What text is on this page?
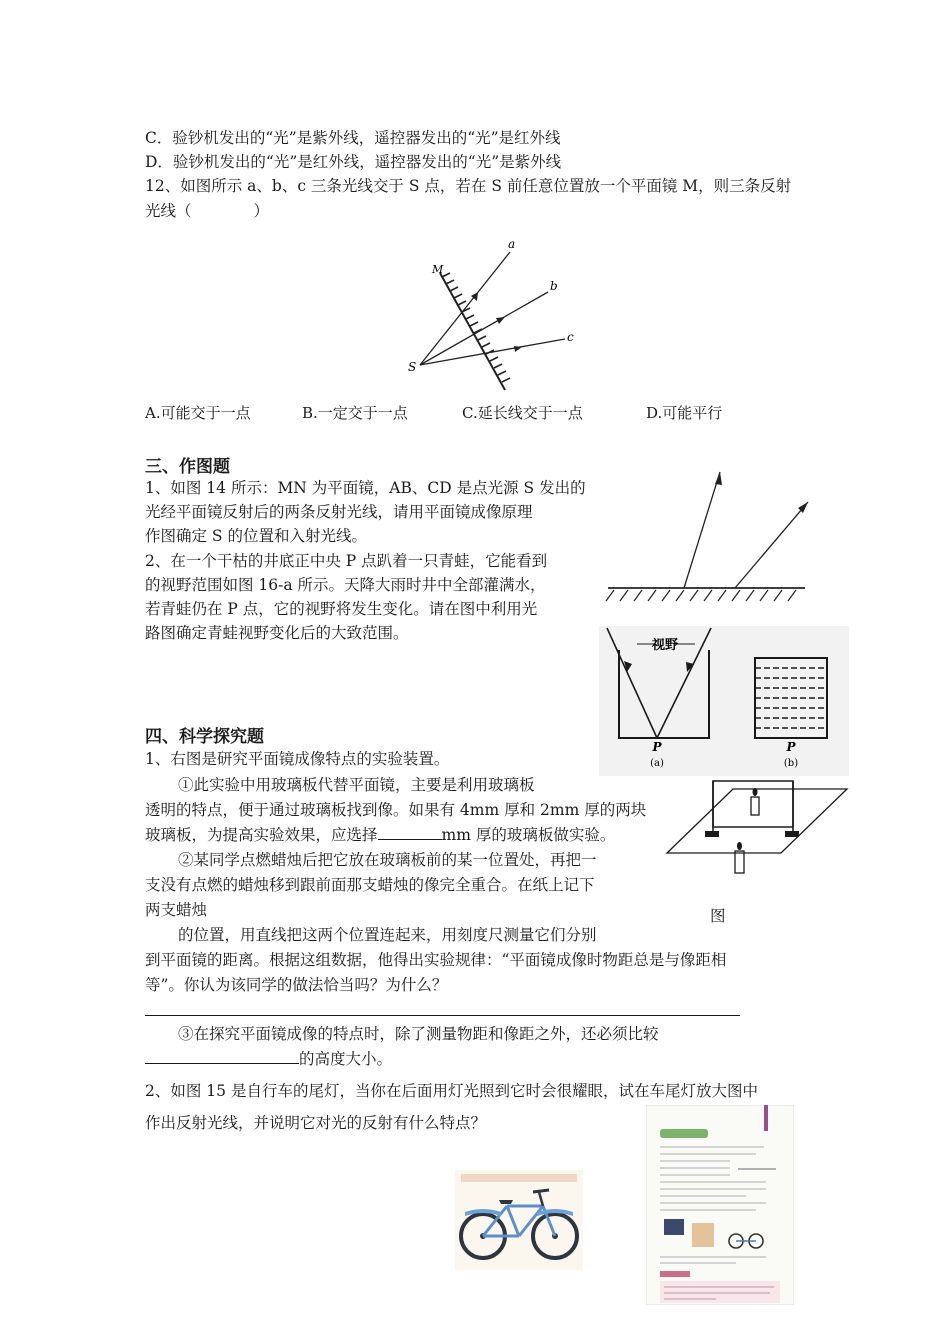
C．验钞机发出的“光”是紫外线，遥控器发出的“光”是红外线
D．验钞机发出的“光”是红外线，遥控器发出的“光”是紫外线
12、如图所示 a、b、c 三条光线交于 S 点，若在 S 前任意位置放一个平面镜 M，则三条反射
光线（　　　　）
a
b
c
S
M
A.可能交于一点	B.一定交于一点	C.延长线交于一点	D.可能平行
三、作图题
1、如图 14 所示：MN 为平面镜，AB、CD 是点光源 S 发出的
光经平面镜反射后的两条反射光线，请用平面镜成像原理
作图确定 S 的位置和入射光线。
2、在一个干枯的井底正中央 P 点趴着一只青蛙，它能看到
的视野范围如图 16-a 所示。天降大雨时井中全部灌满水，
若青蛙仍在 P 点，它的视野将发生变化。请在图中利用光
路图确定青蛙视野变化后的大致范围。
视野
P
(a)
P
(b)
四、科学探究题
1、右图是研究平面镜成像特点的实验装置。
①此实验中用玻璃板代替平面镜，主要是利用玻璃板
透明的特点，便于通过玻璃板找到像。如果有 4mm 厚和 2mm 厚的两块
玻璃板，为提高实验效果，应选择	mm 厚的玻璃板做实验。
②某同学点燃蜡烛后把它放在玻璃板前的某一位置处，再把一
支没有点燃的蜡烛移到跟前面那支蜡烛的像完全重合。在纸上记下
两支蜡烛
的位置，用直线把这两个位置连起来，用刻度尺测量它们分别
到平面镜的距离。根据这组数据，他得出实验规律：“平面镜成像时物距总是与像距相
等”。你认为该同学的做法恰当吗？为什么？
③在探究平面镜成像的特点时，除了测量物距和像距之外，还必须比较
的高度大小。
2、如图 15 是自行车的尾灯，当你在后面用灯光照到它时会很耀眼，试在车尾灯放大图中
作出反射光线，并说明它对光的反射有什么特点？
图
